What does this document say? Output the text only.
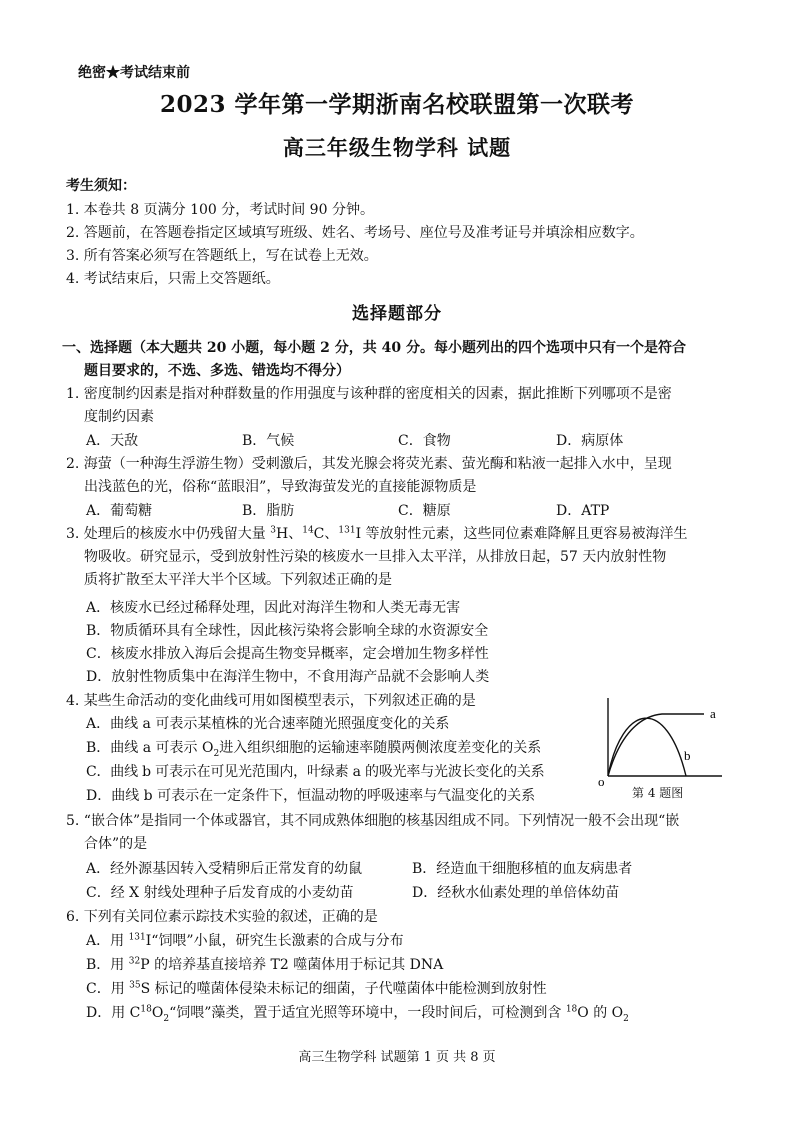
绝密★考试结束前
2023 学年第一学期浙南名校联盟第一次联考
高三年级生物学科 试题
考生须知：
1. 本卷共 8 页满分 100 分，考试时间 90 分钟。
2. 答题前，在答题卷指定区域填写班级、姓名、考场号、座位号及准考证号并填涂相应数字。
3. 所有答案必须写在答题纸上，写在试卷上无效。
4. 考试结束后，只需上交答题纸。
选择题部分
一、选择题（本大题共 20 小题，每小题 2 分，共 40 分。每小题列出的四个选项中只有一个是符合
题目要求的，不选、多选、错选均不得分）
1. 密度制约因素是指对种群数量的作用强度与该种群的密度相关的因素，据此推断下列哪项不是密
度制约因素
A．天敌	B．气候	C．食物	D．病原体
2. 海萤（一种海生浮游生物）受刺激后，其发光腺会将荧光素、萤光酶和粘液一起排入水中，呈现
出浅蓝色的光，俗称“蓝眼泪”，导致海萤发光的直接能源物质是
A．葡萄糖	B．脂肪	C．糖原	D．ATP
3. 处理后的核废水中仍残留大量 $^3$H、$^{14}$C、$^{131}$I 等放射性元素，这些同位素难降解且更容易被海洋生
物吸收。研究显示，受到放射性污染的核废水一旦排入太平洋，从排放日起，57 天内放射性物
质将扩散至太平洋大半个区域。下列叙述正确的是
A．核废水已经过稀释处理，因此对海洋生物和人类无毒无害
B．物质循环具有全球性，因此核污染将会影响全球的水资源安全
C．核废水排放入海后会提高生物变异概率，定会增加生物多样性
D．放射性物质集中在海洋生物中，不食用海产品就不会影响人类
4. 某些生命活动的变化曲线可用如图模型表示，下列叙述正确的是
A．曲线 a 可表示某植株的光合速率随光照强度变化的关系
B．曲线 a 可表示 $O_2$进入组织细胞的运输速率随膜两侧浓度差变化的关系
C．曲线 b 可表示在可见光范围内，叶绿素 a 的吸光率与光波长变化的关系
D．曲线 b 可表示在一定条件下，恒温动物的呼吸速率与气温变化的关系
a
b
o
第 4 题图
5. “嵌合体”是指同一个体或器官，其不同成熟体细胞的核基因组成不同。下列情况一般不会出现“嵌
合体”的是
A．经外源基因转入受精卵后正常发育的幼鼠	B．经造血干细胞移植的血友病患者
C．经 X 射线处理种子后发育成的小麦幼苗	D．经秋水仙素处理的单倍体幼苗
6. 下列有关同位素示踪技术实验的叙述，正确的是
A．用 $^{131}$I“饲喂”小鼠，研究生长激素的合成与分布
B．用 $^{32}$P 的培养基直接培养 T2 噬菌体用于标记其 DNA
C．用 $^{35}$S 标记的噬菌体侵染未标记的细菌，子代噬菌体中能检测到放射性
D．用 $C^{18}O_2“$饲喂”藻类，置于适宜光照等环境中，一段时间后，可检测到含 $^{18}$O 的 $O_2$
高三生物学科 试题第 1 页 共 8 页
